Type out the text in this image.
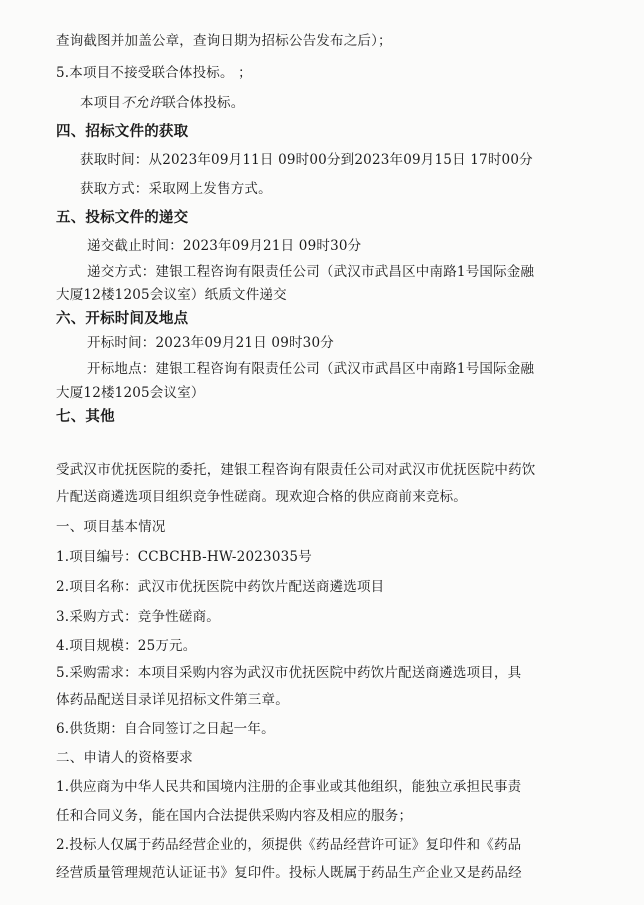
查询截图并加盖公章，查询日期为招标公告发布之后）；
5.本项目不接受联合体投标。 ；
本项目不允许联合体投标。
四、招标文件的获取
获取时间：从2023年09月11日 09时00分到2023年09月15日 17时00分
获取方式：采取网上发售方式。
五、投标文件的递交
递交截止时间：2023年09月21日 09时30分
递交方式：建银工程咨询有限责任公司（武汉市武昌区中南路1号国际金融
大厦12楼1205会议室）纸质文件递交
六、开标时间及地点
开标时间：2023年09月21日 09时30分
开标地点：建银工程咨询有限责任公司（武汉市武昌区中南路1号国际金融
大厦12楼1205会议室）
七、其他
受武汉市优抚医院的委托，建银工程咨询有限责任公司对武汉市优抚医院中药饮
片配送商遴选项目组织竞争性磋商。现欢迎合格的供应商前来竞标。
一、项目基本情况
1.项目编号：CCBCHB-HW-2023035号
2.项目名称：武汉市优抚医院中药饮片配送商遴选项目
3.采购方式：竞争性磋商。
4.项目规模：25万元。
5.采购需求：本项目采购内容为武汉市优抚医院中药饮片配送商遴选项目，具
体药品配送目录详见招标文件第三章。
6.供货期：自合同签订之日起一年。
二、申请人的资格要求
1.供应商为中华人民共和国境内注册的企事业或其他组织，能独立承担民事责
任和合同义务，能在国内合法提供采购内容及相应的服务；
2.投标人仅属于药品经营企业的，须提供《药品经营许可证》复印件和《药品
经营质量管理规范认证证书》复印件。投标人既属于药品生产企业又是药品经
